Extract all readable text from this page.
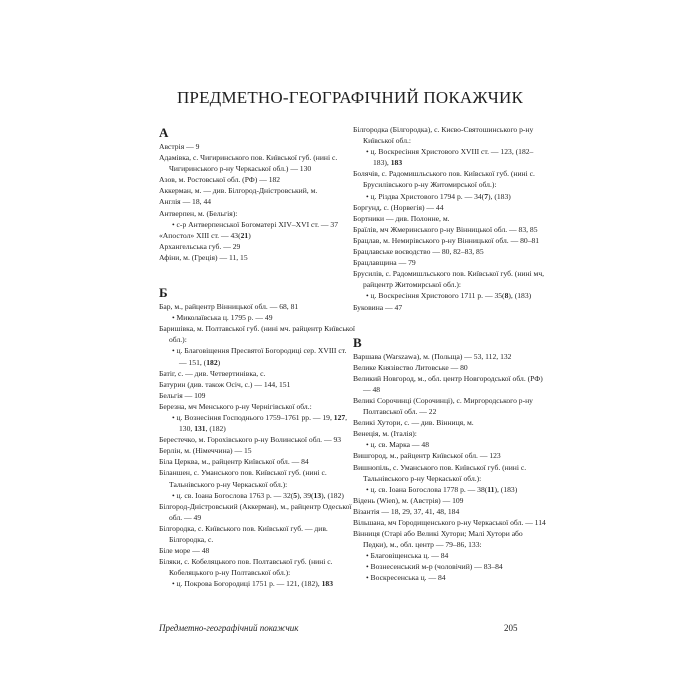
ПРЕДМЕТНО-ГЕОГРАФІЧНИЙ ПОКАЖЧИК
А

Австрія — 9

Адамівка, с. Чигиринського пов. Київської губ. (нині с. Чигиринського р-ну Черкаської обл.) — 130

Азов, м. Ростовської обл. (РФ) — 182

Аккерман, м. — див. Білгород-Дністровський, м.

Англія — 18, 44

Антверпен, м. (Бельгія):

• с-р Антверпенської Богоматері XIV–XVI ст. — 37

«Апостол» XIII ст. — 43(21)

Архангельська губ. — 29

Афіни, м. (Греція) — 11, 15

Б

Бар, м., райцентр Вінницької обл. — 68, 81

• Миколаївська ц. 1795 р. — 49

Баришівка, м. Полтавської губ. (нині мч. райцентр Київської обл.):

• ц. Благовіщення Пресвятої Богородиці сер. XVIII ст. — 151, (182)

Батіг, с. — див. Четвертинівка, с.

Батурин (див. також Осіч, с.) — 144, 151

Бельгія — 109

Березна, мч Менського р-ну Чернігівської обл.:

• ц. Вознесіння Господнього 1759–1761 рр. — 19, 127, 130, 131, (182)

Берестечко, м. Горохівського р-ну Волинської обл. — 93

Берлін, м. (Німеччина) — 15

Біла Церква, м., райцентр Київської обл. — 84

Біланшен, с. Уманського пов. Київської губ. (нині с. Тальнівського р-ну Черкаської обл.):

• ц. св. Іоана Богослова 1763 р. — 32(5), 39(13), (182)

Білгород-Дністровський (Аккерман), м., райцентр Одеської обл. — 49

Білгородка, с. Київського пов. Київської губ. — див. Білгородка, с.

Біле море — 48

Біляки, с. Кобеляцького пов. Полтавської губ. (нині с. Кобеляцького р-ну Полтавської обл.):

• ц. Покрова Богородиці 1751 р. — 121, (182), 183

Білгородка (Білгородка), с. Києво-Святошинського р-ну Київської обл.:

• ц. Воскресіння Христового XVIII ст. — 123, (182–183), 183

Болячів, с. Радомишльського пов. Київської губ. (нині с. Брусилівського р-ну Житомирської обл.):

• ц. Різдва Христового 1794 р. — 34(7), (183)

Боргунд, с. (Норвегія) — 44

Бортники — див. Полонне, м.

Браїлів, мч Жмеринського р-ну Вінницької обл. — 83, 85

Брацлав, м. Немирівського р-ну Вінницької обл. — 80–81

Брацлавське воєводство — 80, 82–83, 85

Брацлавщина — 79

Брусилів, с. Радомишльського пов. Київської губ. (нині мч, райцентр Житомирської обл.):

• ц. Воскресіння Христового 1711 р. — 35(8), (183)

Буковина — 47

В

Варшава (Warszawa), м. (Польща) — 53, 112, 132

Велике Князівство Литовське — 80

Великий Новгород, м., обл. центр Новгородської обл. (РФ) — 48

Великі Сорочинці (Сорочинці), с. Миргородського р-ну Полтавської обл. — 22

Великі Хутори, с. — див. Вінниця, м.

Венеція, м. (Італія):

• ц. св. Марка — 48

Вишгород, м., райцентр Київської обл. — 123

Вишнопіль, с. Уманського пов. Київської губ. (нині с. Тальнівського р-ну Черкаської обл.):

• ц. св. Іоана Богослова 1778 р. — 38(11), (183)

Відень (Wien), м. (Австрія) — 109

Візантія — 18, 29, 37, 41, 48, 184

Вільшана, мч Городищенського р-ну Черкаської обл. — 114

Вінниця (Старі або Великі Хутори; Малі Хутори або Педки), м., обл. центр — 79–86, 133:

• Благовіщенська ц. — 84

• Вознесенський м-р (чоловічий) — 83–84

• Воскресенська ц. — 84

Предметно-географічний покажчик	205
